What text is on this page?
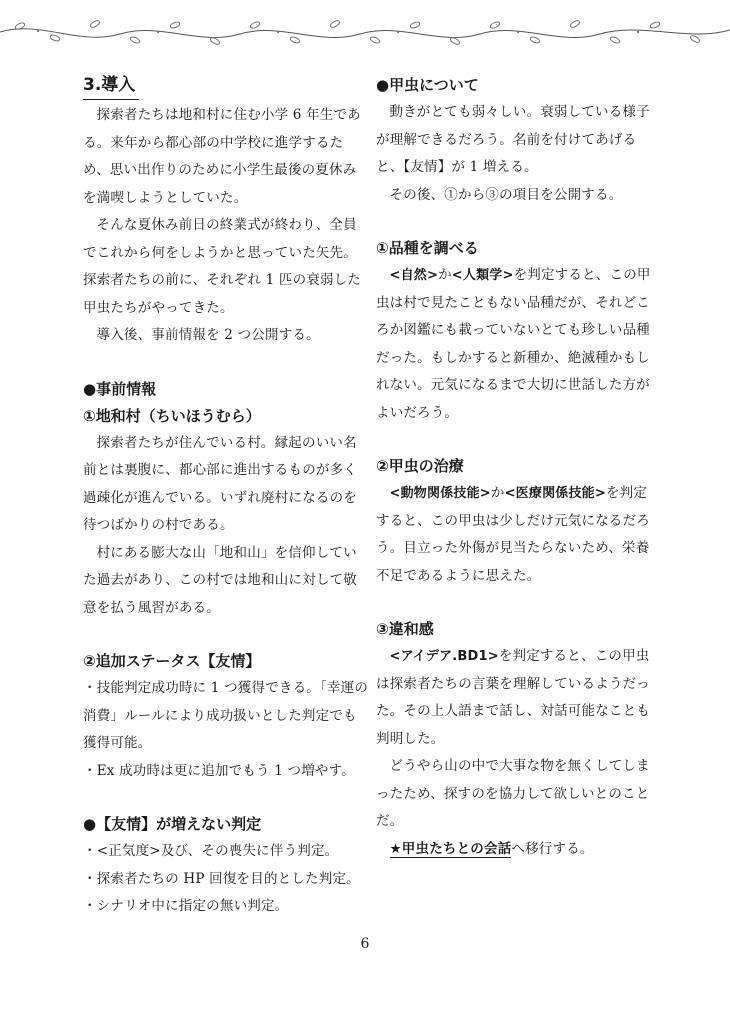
3.導入

探索者たちは地和村に住む小学 6 年生である。来年から都心部の中学校に進学するため、思い出作りのために小学生最後の夏休みを満喫しようとしていた。

そんな夏休み前日の終業式が終わり、全員でこれから何をしようかと思っていた矢先。探索者たちの前に、それぞれ 1 匹の衰弱した甲虫たちがやってきた。

導入後、事前情報を 2 つ公開する。

●事前情報
①地和村（ちいほうむら）

探索者たちが住んでいる村。縁起のいい名前とは裏腹に、都心部に進出するものが多く過疎化が進んでいる。いずれ廃村になるのを待つばかりの村である。

村にある膨大な山「地和山」を信仰していた過去があり、この村では地和山に対して敬意を払う風習がある。

②追加ステータス【友情】

・技能判定成功時に 1 つ獲得できる。「幸運の消費」ルールにより成功扱いとした判定でも獲得可能。

・Ex 成功時は更に追加でもう 1 つ増やす。

●【友情】が増えない判定

・<正気度>及び、その喪失に伴う判定。

・探索者たちの HP 回復を目的とした判定。

・シナリオ中に指定の無い判定。

●甲虫について

動きがとても弱々しい。衰弱している様子が理解できるだろう。名前を付けてあげると、【友情】が 1 増える。

その後、①から③の項目を公開する。

①品種を調べる

<自然>か<人類学>を判定すると、この甲虫は村で見たこともない品種だが、それどころか図鑑にも載っていないとても珍しい品種だった。もしかすると新種か、絶滅種かもしれない。元気になるまで大切に世話した方がよいだろう。

②甲虫の治療

<動物関係技能>か<医療関係技能>を判定すると、この甲虫は少しだけ元気になるだろう。目立った外傷が見当たらないため、栄養不足であるように思えた。

③違和感

<アイデア.BD1>を判定すると、この甲虫は探索者たちの言葉を理解しているようだった。その上人語まで話し、対話可能なことも判明した。

どうやら山の中で大事な物を無くしてしまったため、探すのを協力して欲しいとのことだ。

★甲虫たちとの会話へ移行する。

6
